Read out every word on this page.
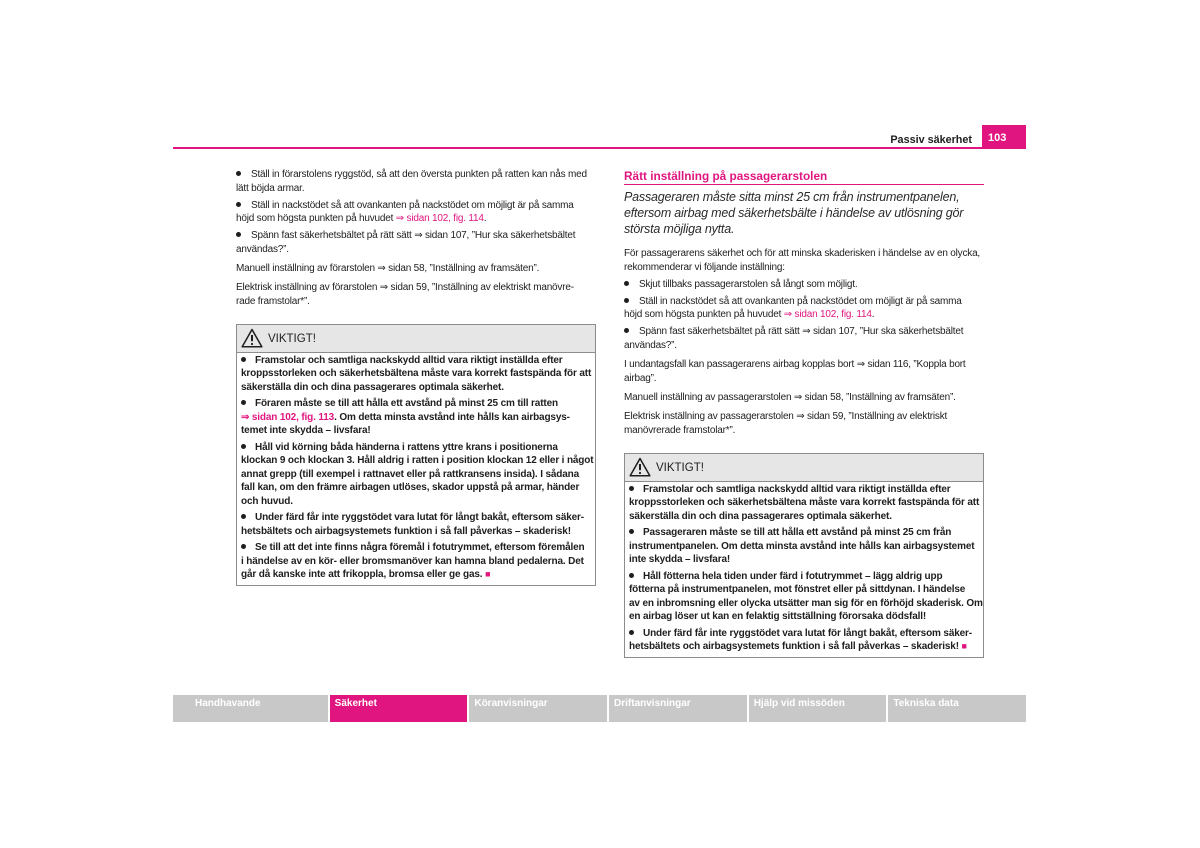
Passiv säkerhet	103
Ställ in förarstolens ryggstöd, så att den översta punkten på ratten kan nås med
lätt böjda armar.
Ställ in nackstödet så att ovankanten på nackstödet om möjligt är på samma
höjd som högsta punkten på huvudet ⇒ sidan 102, fig. 114.
Spänn fast säkerhetsbältet på rätt sätt ⇒ sidan 107, ”Hur ska säkerhetsbältet
användas?”.
Manuell inställning av förarstolen ⇒ sidan 58, ”Inställning av framsäten”.
Elektrisk inställning av förarstolen ⇒ sidan 59, ”Inställning av elektriskt manövre-
rade framstolar*”.
VIKTIGT!
Framstolar och samtliga nackskydd alltid vara riktigt inställda efter
kroppsstorleken och säkerhetsbältena måste vara korrekt fastspända för att
säkerställa din och dina passagerares optimala säkerhet.
Föraren måste se till att hålla ett avstånd på minst 25 cm till ratten
⇒ sidan 102, fig. 113. Om detta minsta avstånd inte hålls kan airbagsys-
temet inte skydda – livsfara!
Håll vid körning båda händerna i rattens yttre krans i positionerna
klockan 9 och klockan 3. Håll aldrig i ratten i position klockan 12 eller i något
annat grepp (till exempel i rattnavet eller på rattkransens insida). I sådana
fall kan, om den främre airbagen utlöses, skador uppstå på armar, händer
och huvud.
Under färd får inte ryggstödet vara lutat för långt bakåt, eftersom säker-
hetsbältets och airbagsystemets funktion i så fall påverkas – skaderisk!
Se till att det inte finns några föremål i fotutrymmet, eftersom föremålen
i händelse av en kör- eller bromsmanöver kan hamna bland pedalerna. Det
går då kanske inte att frikoppla, bromsa eller ge gas. ■
Rätt inställning på passagerarstolen
Passageraren måste sitta minst 25 cm från instrumentpanelen,
eftersom airbag med säkerhetsbälte i händelse av utlösning gör
största möjliga nytta.
För passagerarens säkerhet och för att minska skaderisken i händelse av en olycka,
rekommenderar vi följande inställning:
Skjut tillbaks passagerarstolen så långt som möjligt.
Ställ in nackstödet så att ovankanten på nackstödet om möjligt är på samma
höjd som högsta punkten på huvudet ⇒ sidan 102, fig. 114.
Spänn fast säkerhetsbältet på rätt sätt ⇒ sidan 107, ”Hur ska säkerhetsbältet
användas?”.
I undantagsfall kan passagerarens airbag kopplas bort ⇒ sidan 116, ”Koppla bort
airbag”.
Manuell inställning av passagerarstolen ⇒ sidan 58, ”Inställning av framsäten”.
Elektrisk inställning av passagerarstolen ⇒ sidan 59, ”Inställning av elektriskt
manövrerade framstolar*”.
VIKTIGT!
Framstolar och samtliga nackskydd alltid vara riktigt inställda efter
kroppsstorleken och säkerhetsbältena måste vara korrekt fastspända för att
säkerställa din och dina passagerares optimala säkerhet.
Passageraren måste se till att hålla ett avstånd på minst 25 cm från
instrumentpanelen. Om detta minsta avstånd inte hålls kan airbagsystemet
inte skydda – livsfara!
Håll fötterna hela tiden under färd i fotutrymmet – lägg aldrig upp
fötterna på instrumentpanelen, mot fönstret eller på sittdynan. I händelse
av en inbromsning eller olycka utsätter man sig för en förhöjd skaderisk. Om
en airbag löser ut kan en felaktig sittställning förorsaka dödsfall!
Under färd får inte ryggstödet vara lutat för långt bakåt, eftersom säker-
hetsbältets och airbagsystemets funktion i så fall påverkas – skaderisk! ■
Handhavande	Säkerhet	Köranvisningar	Driftanvisningar	Hjälp vid missöden	Tekniska data
